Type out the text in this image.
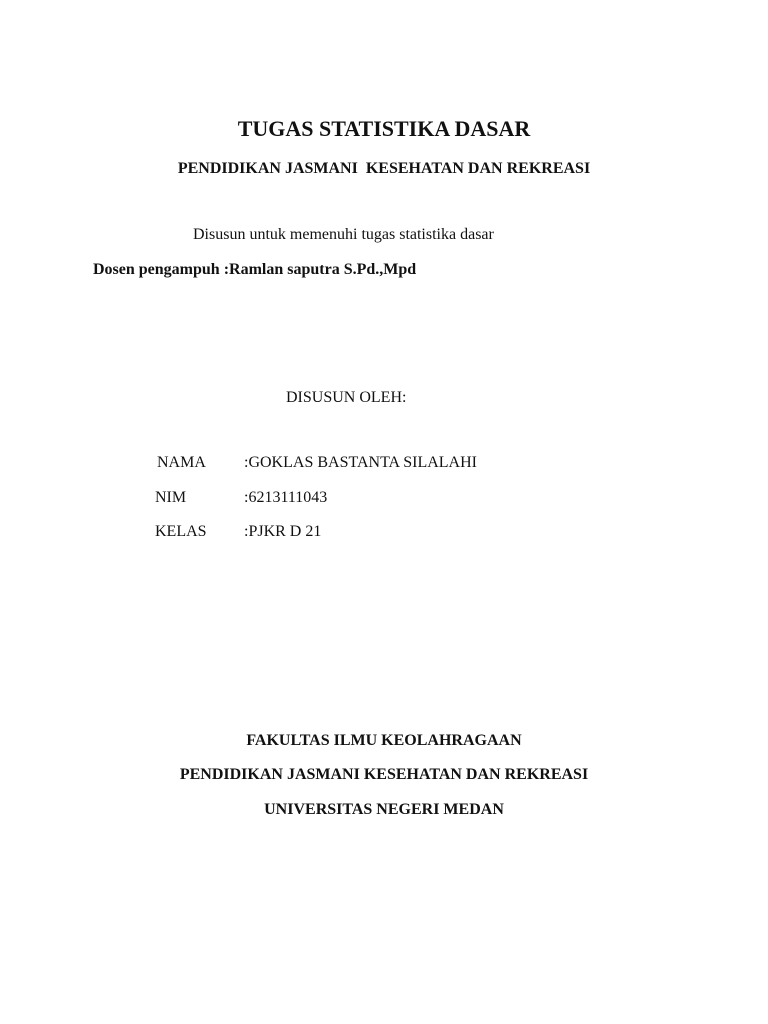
TUGAS STATISTIKA DASAR
PENDIDIKAN JASMANI  KESEHATAN DAN REKREASI
Disusun untuk memenuhi tugas statistika dasar
Dosen pengampuh :Ramlan saputra S.Pd.,Mpd
DISUSUN OLEH:
NAMA :GOKLAS BASTANTA SILALAHI
NIM	:6213111043
KELAS :PJKR D 21
FAKULTAS ILMU KEOLAHRAGAAN
PENDIDIKAN JASMANI KESEHATAN DAN REKREASI
UNIVERSITAS NEGERI MEDAN
